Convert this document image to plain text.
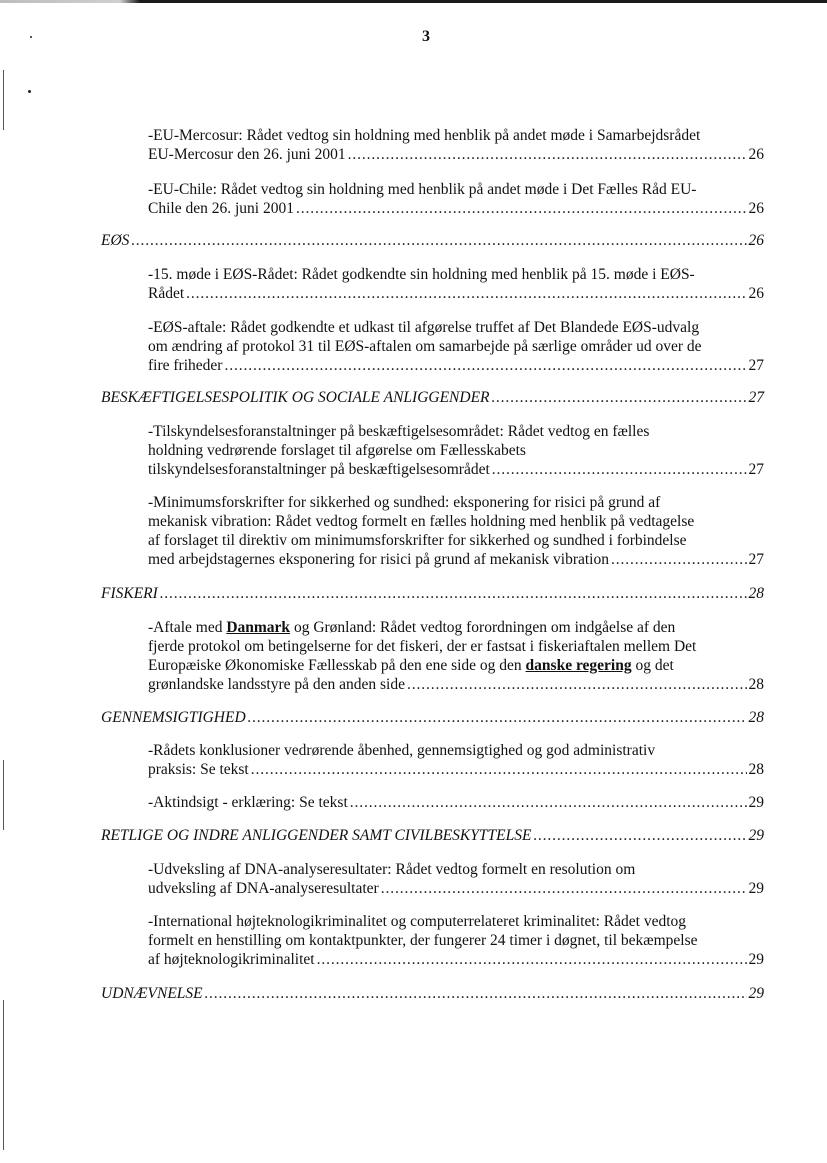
3
-EU-Mercosur: Rådet vedtog sin holdning med henblik på andet møde i Samarbejdsrådet
EU-Mercosur den 26. juni 2001 . . .	26
-EU-Chile: Rådet vedtog sin holdning med henblik på andet møde i Det Fælles Råd EU-
Chile den 26. juni 2001 . . .	26
EØS . . .	26
-15. møde i EØS-Rådet: Rådet godkendte sin holdning med henblik på 15. møde i EØS-
Rådet . . .	26
-EØS-aftale: Rådet godkendte et udkast til afgørelse truffet af Det Blandede EØS-udvalg
om ændring af protokol 31 til EØS-aftalen om samarbejde på særlige områder ud over de
fire friheder . . .	27
BESKÆFTIGELSESPOLITIK OG SOCIALE ANLIGGENDER . . .	27
-Tilskyndelsesforanstaltninger på beskæftigelsesområdet: Rådet vedtog en fælles
holdning vedrørende forslaget til afgørelse om Fællesskabets
tilskyndelsesforanstaltninger på beskæftigelsesområdet . . .	27
-Minimumsforskrifter for sikkerhed og sundhed: eksponering for risici på grund af
mekanisk vibration: Rådet vedtog formelt en fælles holdning med henblik på vedtagelse
af forslaget til direktiv om minimumsforskrifter for sikkerhed og sundhed i forbindelse
med arbejdstagernes eksponering for risici på grund af mekanisk vibration . . .	27
FISKERI . . .	28
-Aftale med Danmark og Grønland: Rådet vedtog forordningen om indgåelse af den
fjerde protokol om betingelserne for det fiskeri, der er fastsat i fiskeriaftalen mellem Det
Europæiske Økonomiske Fællesskab på den ene side og den danske regering og det
grønlandske landsstyre på den anden side . . .	28
GENNEMSIGTIGHED . . .	28
-Rådets konklusioner vedrørende åbenhed, gennemsigtighed og god administrativ
praksis: Se tekst . . .	28
-Aktindsigt - erklæring: Se tekst . . .	29
RETLIGE OG INDRE ANLIGGENDER SAMT CIVILBESKYTTELSE . . .	29
-Udveksling af DNA-analyseresultater: Rådet vedtog formelt en resolution om
udveksling af DNA-analyseresultater . . .	29
-International højteknologikriminalitet og computerrelateret kriminalitet: Rådet vedtog
formelt en henstilling om kontaktpunkter, der fungerer 24 timer i døgnet, til bekæmpelse
af højteknologikriminalitet . . .	29
UDNÆVNELSE . . .	29
